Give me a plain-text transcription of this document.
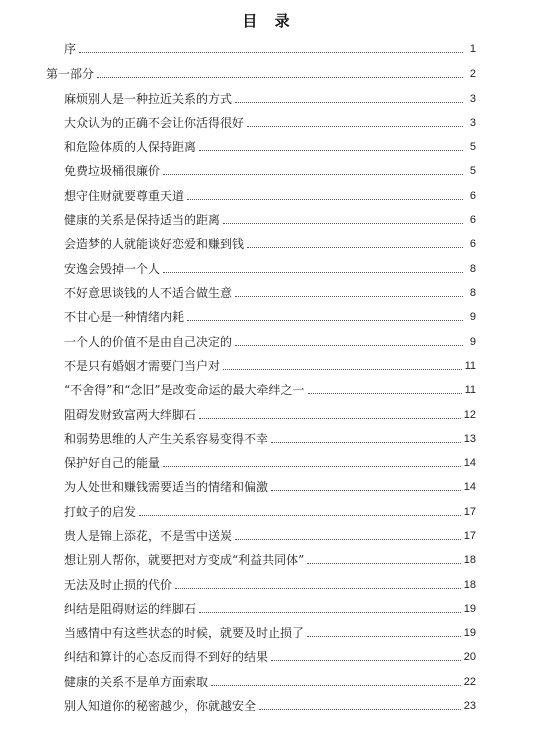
目 录
序	1
第一部分	2
麻烦别人是一种拉近关系的方式	3
大众认为的正确不会让你活得很好	3
和危险体质的人保持距离	5
免费垃圾桶很廉价	5
想守住财就要尊重天道	6
健康的关系是保持适当的距离	6
会造梦的人就能谈好恋爱和赚到钱	6
安逸会毁掉一个人	8
不好意思谈钱的人不适合做生意	8
不甘心是一种情绪内耗	9
一个人的价值不是由自己决定的	9
不是只有婚姻才需要门当户对	11
“不舍得”和“念旧”是改变命运的最大牵绊之一	11
阻碍发财致富两大绊脚石	12
和弱势思维的人产生关系容易变得不幸	13
保护好自己的能量	14
为人处世和赚钱需要适当的情绪和偏激	14
打蚊子的启发	17
贵人是锦上添花，不是雪中送炭	17
想让别人帮你，就要把对方变成“利益共同体”	18
无法及时止损的代价	18
纠结是阻碍财运的绊脚石	19
当感情中有这些状态的时候，就要及时止损了	19
纠结和算计的心态反而得不到好的结果	20
健康的关系不是单方面索取	22
别人知道你的秘密越少，你就越安全	23
